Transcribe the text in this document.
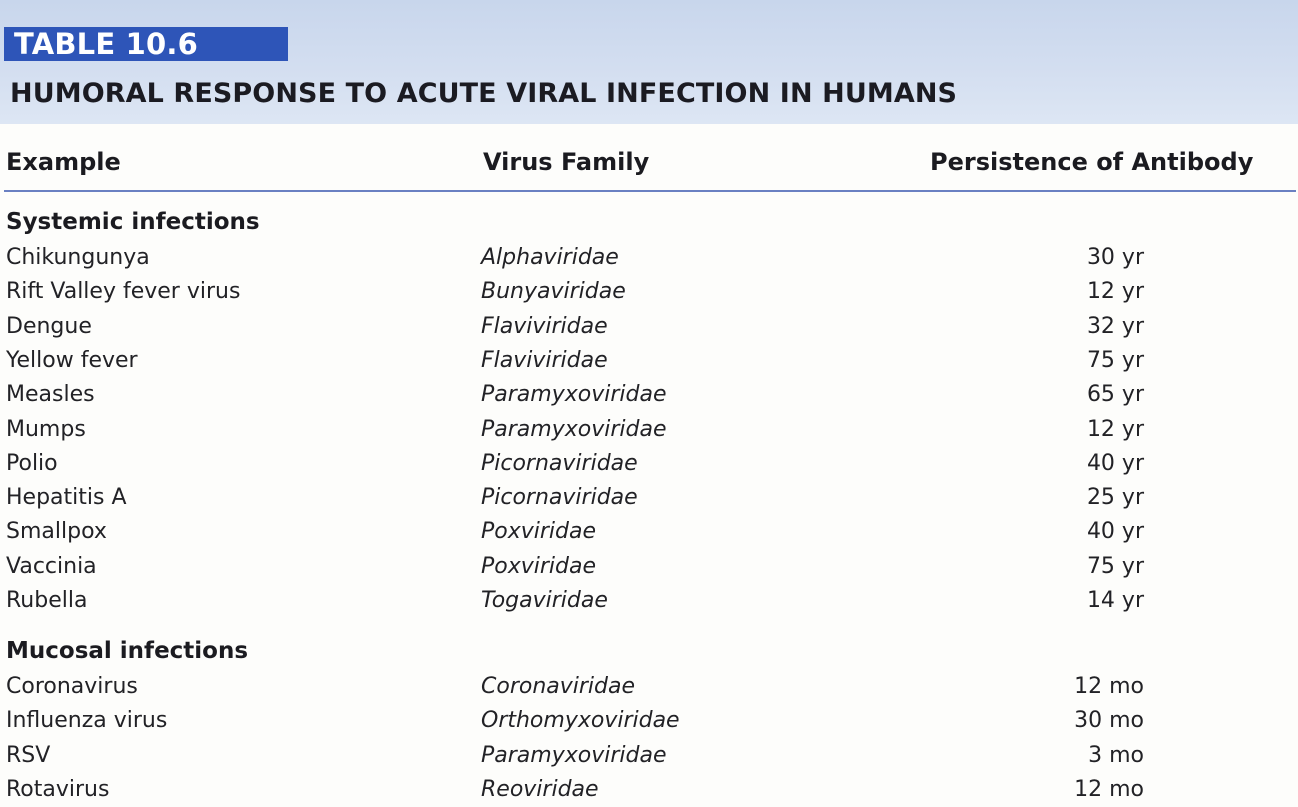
TABLE 10.6
HUMORAL RESPONSE TO ACUTE VIRAL INFECTION IN HUMANS
Example	Virus Family	Persistence of Antibody
Systemic infections
Chikungunya	Alphaviridae	30 yr
Rift Valley fever virus	Bunyaviridae	12 yr
Dengue	Flaviviridae	32 yr
Yellow fever	Flaviviridae	75 yr
Measles	Paramyxoviridae	65 yr
Mumps	Paramyxoviridae	12 yr
Polio	Picornaviridae	40 yr
Hepatitis A	Picornaviridae	25 yr
Smallpox	Poxviridae	40 yr
Vaccinia	Poxviridae	75 yr
Rubella	Togaviridae	14 yr
Mucosal infections
Coronavirus	Coronaviridae	12 mo
Influenza virus	Orthomyxoviridae	30 mo
RSV	Paramyxoviridae	3 mo
Rotavirus	Reoviridae	12 mo
